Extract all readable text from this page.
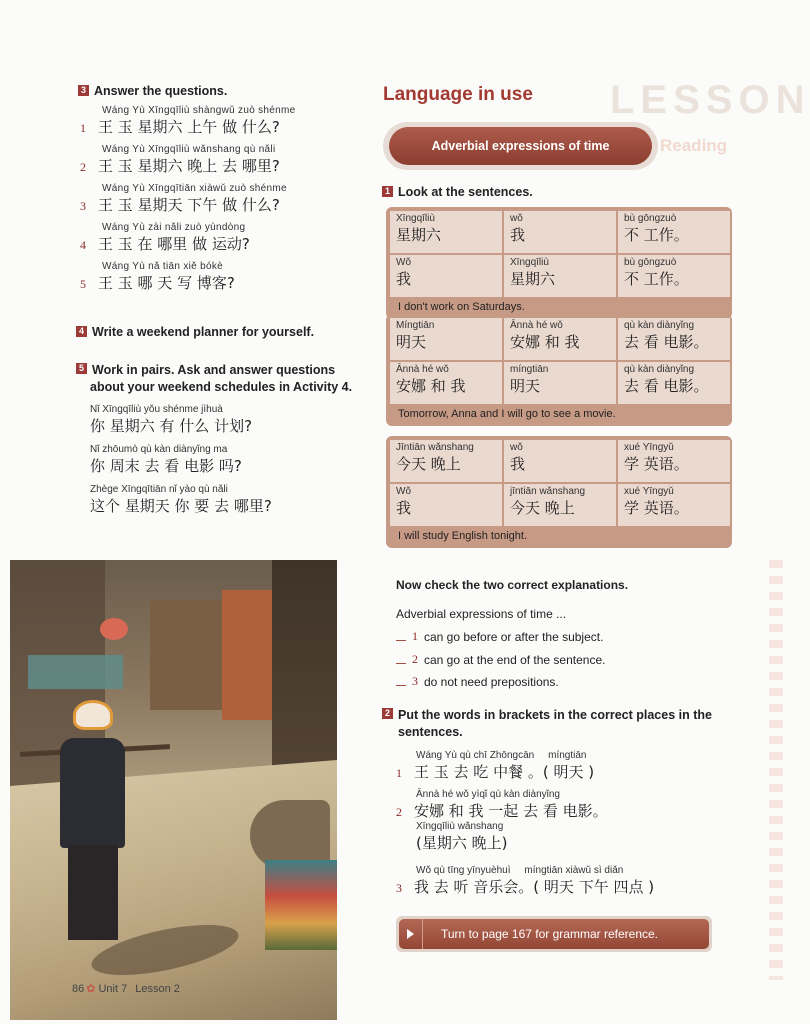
LESSON
Reading
3 Answer the questions.
Wáng Yù Xīngqīliù shàngwǔ zuò shénme
1 王 玉 星期六 上午 做 什么?
Wáng Yù Xīngqīliù wǎnshang qù nǎli
2 王 玉 星期六 晚上 去 哪里?
Wáng Yù Xīngqītiān xiàwǔ zuò shénme
3 王 玉 星期天 下午 做 什么?
Wáng Yù zài nǎli zuò yùndòng
4 王 玉 在 哪里 做 运动?
Wáng Yù nǎ tiān xiě bókè
5 王 玉 哪 天 写 博客?
4 Write a weekend planner for yourself.
5 Work in pairs. Ask and answer questions
about your weekend schedules in Activity 4.
Nǐ Xīngqīliù yǒu shénme jìhuà
你 星期六 有 什么 计划?
Nǐ zhōumò qù kàn diànyǐng ma
你 周末 去 看 电影 吗?
Zhège Xīngqītiān nǐ yào qù nǎli
这个 星期天 你 要 去 哪里?
Language in use
Adverbial expressions of time
1 Look at the sentences.
Xīngqīliù
星期六
wǒ
我
bù gōngzuò
不 工作。
Wǒ
我
Xīngqīliù
星期六
bù gōngzuò
不 工作。
I don't work on Saturdays.
Míngtiān
明天
Ānnà hé wǒ
安娜 和 我
qù kàn diànyǐng
去 看 电影。
Ānnà hé wǒ
安娜 和 我
míngtiān
明天
qù kàn diànyǐng
去 看 电影。
Tomorrow, Anna and I will go to see a movie.
Jīntiān wǎnshang
今天 晚上
wǒ
我
xué Yīngyǔ
学 英语。
Wǒ
我
jīntiān wǎnshang
今天 晚上
xué Yīngyǔ
学 英语。
I will study English tonight.
Now check the two correct explanations.
Adverbial expressions of time ...
1 can go before or after the subject.
2 can go at the end of the sentence.
3 do not need prepositions.
2 Put the words in brackets in the correct places in the
sentences.
Wáng Yù qù chī Zhōngcān     míngtiān
1 王 玉 去 吃 中餐 。( 明天 )
Ānnà hé wǒ yìqǐ qù kàn diànyǐng
2 安娜 和 我 一起 去 看 电影。
Xīngqīliù wǎnshang
(星期六 晚上)
Wǒ qù tīng yīnyuèhuì     míngtiān xiàwǔ sì diǎn
3 我 去 听 音乐会。( 明天 下午 四点 )
Turn to page 167 for grammar reference.
86 ✿ Unit 7 Lesson 2
